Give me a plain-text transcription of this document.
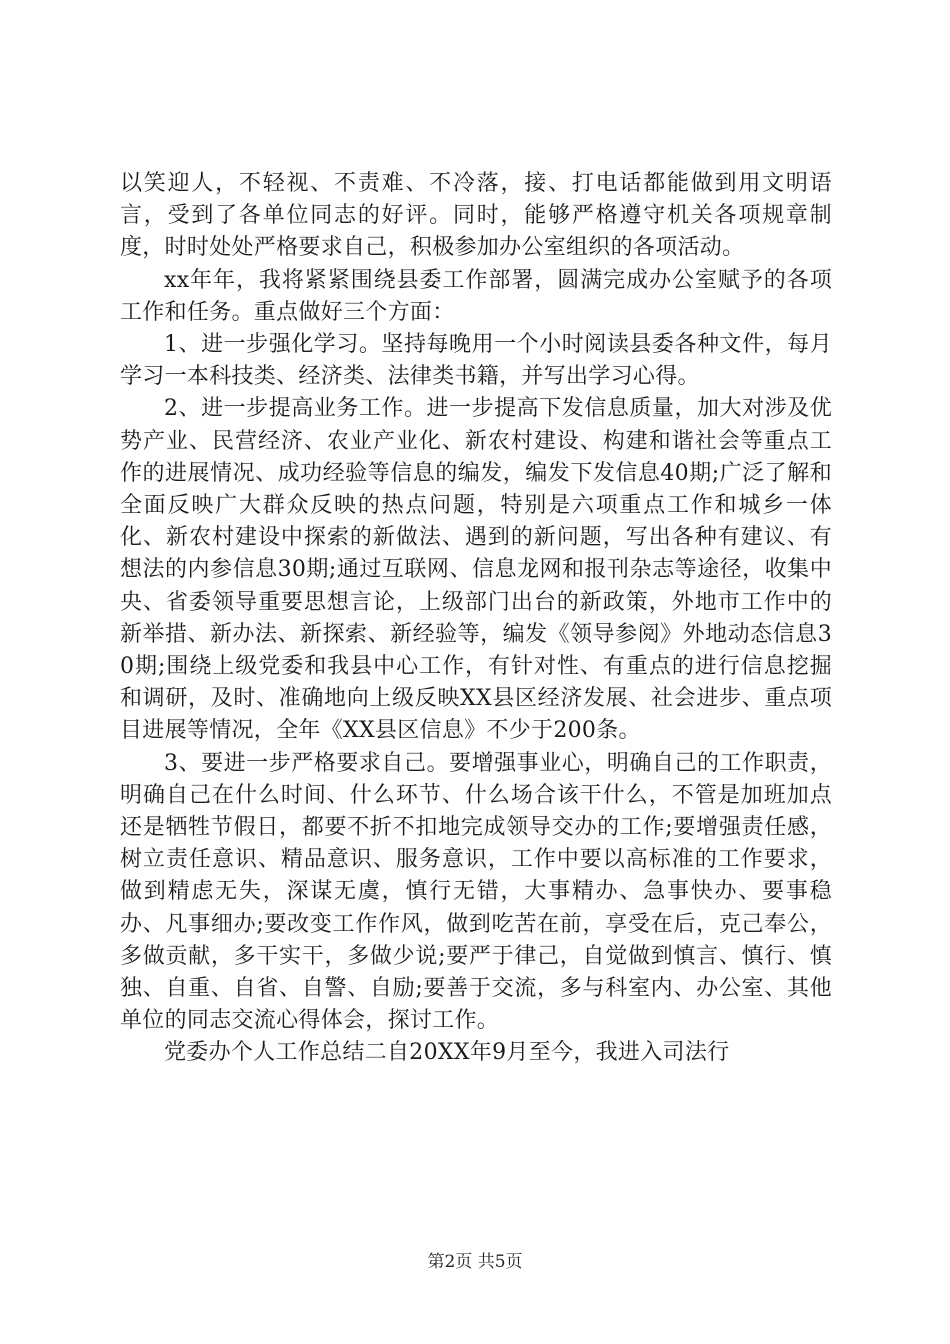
以笑迎人，不轻视、不责难、不冷落，接、打电话都能做到用文明语言，受到了各单位同志的好评。同时，能够严格遵守机关各项规章制度，时时处处严格要求自己，积极参加办公室组织的各项活动。

xx年年，我将紧紧围绕县委工作部署，圆满完成办公室赋予的各项工作和任务。重点做好三个方面：

1、进一步强化学习。坚持每晚用一个小时阅读县委各种文件，每月学习一本科技类、经济类、法律类书籍，并写出学习心得。

2、进一步提高业务工作。进一步提高下发信息质量，加大对涉及优势产业、民营经济、农业产业化、新农村建设、构建和谐社会等重点工作的进展情况、成功经验等信息的编发，编发下发信息40期;广泛了解和全面反映广大群众反映的热点问题，特别是六项重点工作和城乡一体化、新农村建设中探索的新做法、遇到的新问题，写出各种有建议、有想法的内参信息30期;通过互联网、信息龙网和报刊杂志等途径，收集中央、省委领导重要思想言论，上级部门出台的新政策，外地市工作中的新举措、新办法、新探索、新经验等，编发《领导参阅》外地动态信息30期;围绕上级党委和我县中心工作，有针对性、有重点的进行信息挖掘和调研，及时、准确地向上级反映XX县区经济发展、社会进步、重点项目进展等情况，全年《XX县区信息》不少于200条。

3、要进一步严格要求自己。要增强事业心，明确自己的工作职责，明确自己在什么时间、什么环节、什么场合该干什么，不管是加班加点还是牺牲节假日，都要不折不扣地完成领导交办的工作;要增强责任感，树立责任意识、精品意识、服务意识，工作中要以高标准的工作要求，做到精虑无失，深谋无虞，慎行无错，大事精办、急事快办、要事稳办、凡事细办;要改变工作作风，做到吃苦在前，享受在后，克己奉公，多做贡献，多干实干，多做少说;要严于律己，自觉做到慎言、慎行、慎独、自重、自省、自警、自励;要善于交流，多与科室内、办公室、其他单位的同志交流心得体会，探讨工作。

党委办个人工作总结二自20XX年9月至今，我进入司法行

第2页 共5页
